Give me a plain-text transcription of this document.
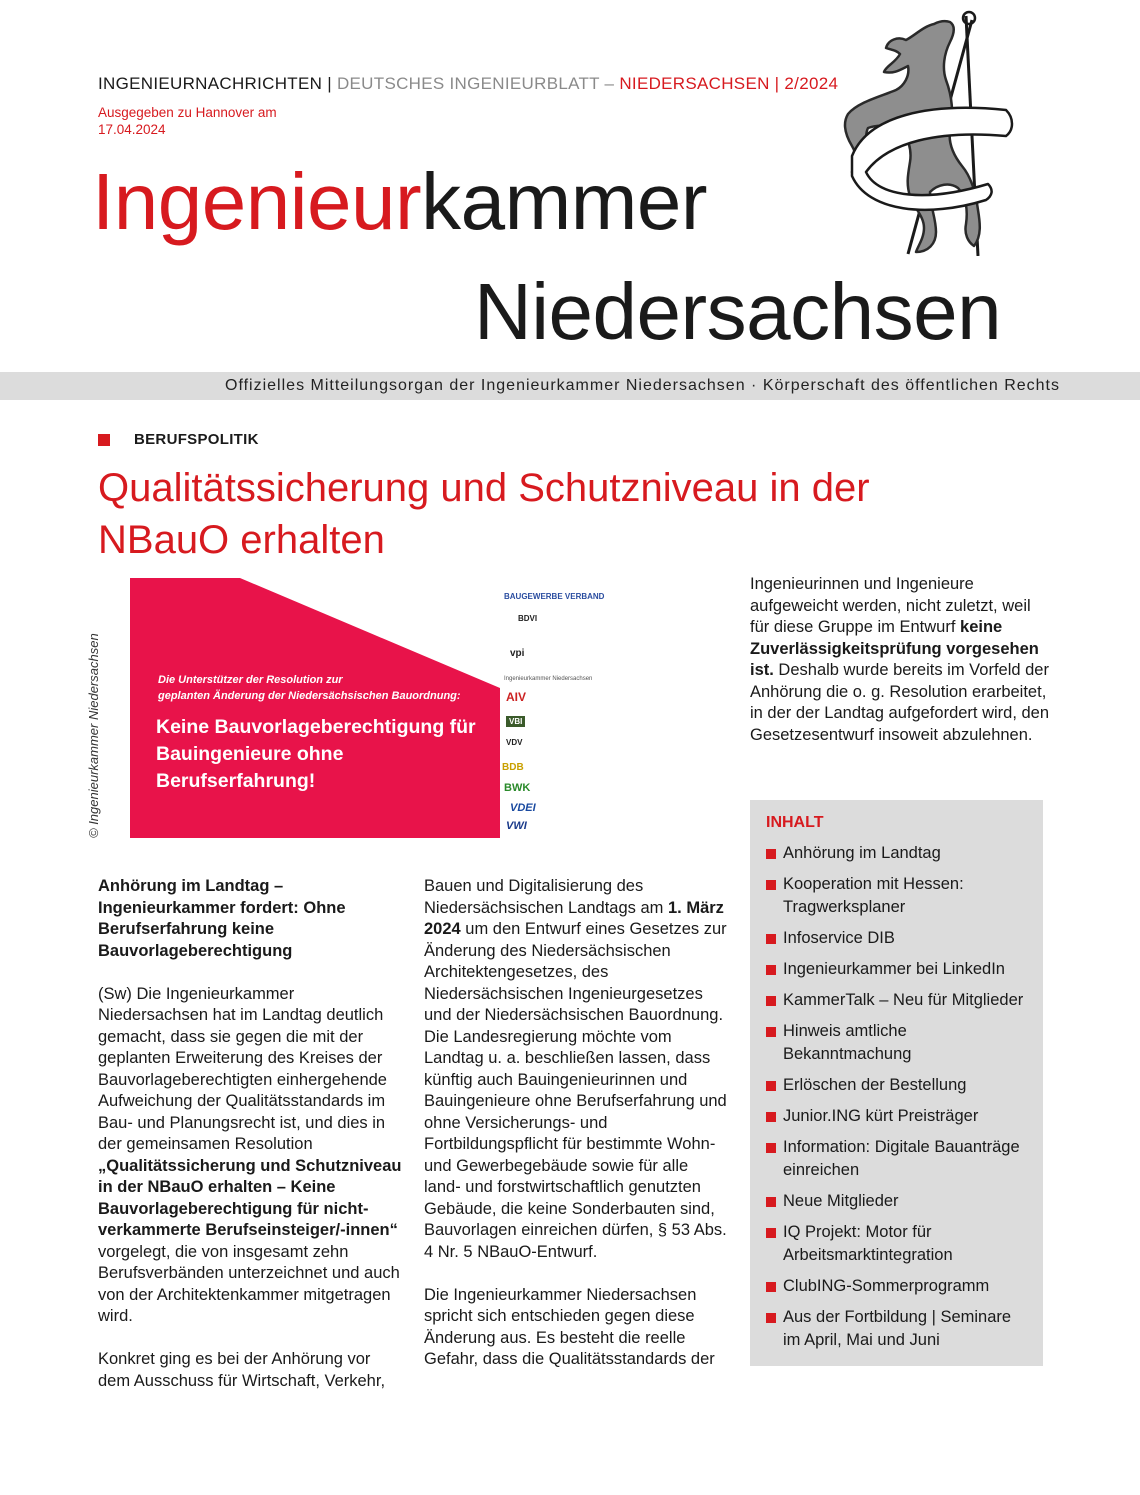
INGENIEURNACHRICHTEN | DEUTSCHES INGENIEURBLATT – NIEDERSACHSEN | 2/2024
Ausgegeben zu Hannover am
17.04.2024
Ingenieurkammer
Niedersachsen
Offizielles Mitteilungsorgan der Ingenieurkammer Niedersachsen · Körperschaft des öffentlichen Rechts
BERUFSPOLITIK
Qualitätssicherung und Schutzniveau in der NBauO erhalten
© Ingenieurkammer Niedersachsen	Die Unterstützer der Resolution zur
geplanten Änderung der Niedersächsischen Bauordnung:
Keine Bauvorlageberechtigung für
Bauingenieure ohne Berufserfahrung!
BAUGEWERBE VERBAND
BDVI
vpi
Ingenieurkammer Niedersachsen
AIV
VBI
VDV
BDB
BWK
VDEI
VWI

Anhörung im Landtag – Ingenieurkammer fordert: Ohne Berufserfahrung keine Bauvorlageberechtigung

(Sw) Die Ingenieurkammer Niedersachsen hat im Landtag deutlich gemacht, dass sie gegen die mit der geplanten Erweiterung des Kreises der Bauvorlageberechtigten einhergehende Aufweichung der Qualitätsstandards im Bau- und Planungsrecht ist, und dies in der gemeinsamen Resolution „Qualitätssicherung und Schutzniveau in der NBauO erhalten – Keine Bauvorlageberechtigung für nicht-verkammerte Berufseinsteiger/-innen“ vorgelegt, die von insgesamt zehn Berufsverbänden unterzeichnet und auch von der Architektenkammer mitgetragen wird.

Konkret ging es bei der Anhörung vor dem Ausschuss für Wirtschaft, Verkehr,

Bauen und Digitalisierung des Niedersächsischen Landtags am 1. März 2024 um den Entwurf eines Gesetzes zur Änderung des Niedersächsischen Architektengesetzes, des Niedersächsischen Ingenieurgesetzes und der Niedersächsischen Bauordnung. Die Landesregierung möchte vom Landtag u. a. beschließen lassen, dass künftig auch Bauingenieurinnen und Bauingenieure ohne Berufserfahrung und ohne Versicherungs- und Fortbildungspflicht für bestimmte Wohn- und Gewerbegebäude sowie für alle land- und forstwirtschaftlich genutzten Gebäude, die keine Sonderbauten sind, Bauvorlagen einreichen dürfen, § 53 Abs. 4 Nr. 5 NBauO-Entwurf.

Die Ingenieurkammer Niedersachsen spricht sich entschieden gegen diese Änderung aus. Es besteht die reelle Gefahr, dass die Qualitätsstandards der

Ingenieurinnen und Ingenieure aufgeweicht werden, nicht zuletzt, weil für diese Gruppe im Entwurf keine Zuverlässigkeitsprüfung vorgesehen ist. Deshalb wurde bereits im Vorfeld der Anhörung die o. g. Resolution erarbeitet, in der der Landtag aufgefordert wird, den Gesetzesentwurf insoweit abzulehnen.

INHALT
Anhörung im Landtag
Kooperation mit Hessen: Tragwerksplaner
Infoservice DIB
Ingenieurkammer bei LinkedIn
KammerTalk – Neu für Mitglieder
Hinweis amtliche Bekanntmachung
Erlöschen der Bestellung
Junior.ING kürt Preisträger
Information: Digitale Bauanträge einreichen
Neue Mitglieder
IQ Projekt: Motor für Arbeitsmarktintegration
ClubING-Sommerprogramm
Aus der Fortbildung | Seminare im April, Mai und Juni
